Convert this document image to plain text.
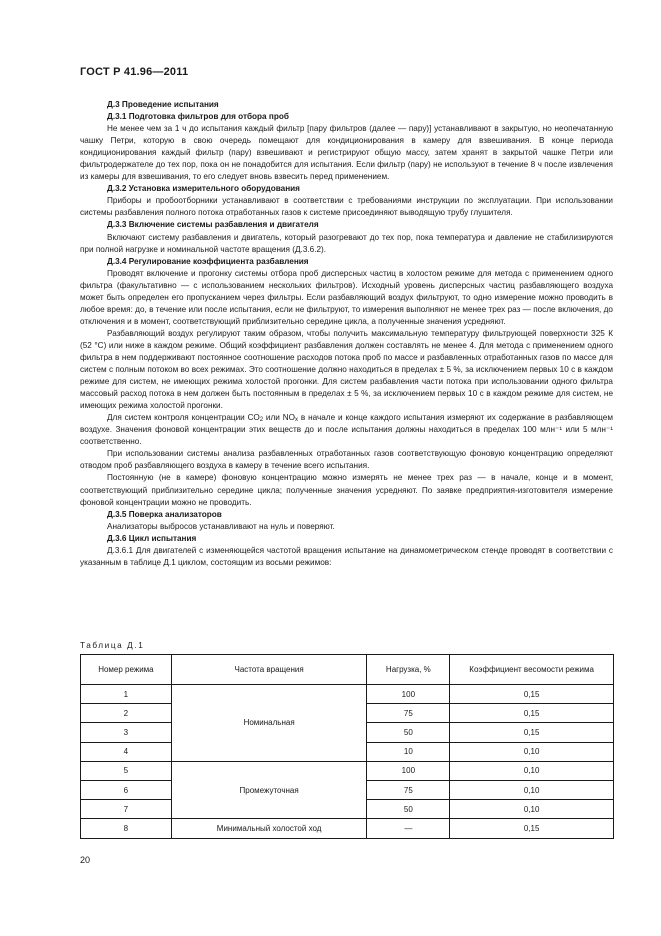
ГОСТ Р 41.96—2011

Д.3 Проведение испытания

Д.3.1 Подготовка фильтров для отбора проб

Не менее чем за 1 ч до испытания каждый фильтр [пару фильтров (далее — пару)] устанавливают в закрытую, но неопечатанную чашку Петри, которую в свою очередь помещают для кондиционирования в камеру для взвешивания. В конце периода кондиционирования каждый фильтр (пару) взвешивают и регистрируют общую массу, затем хранят в закрытой чашке Петри или фильтродержателе до тех пор, пока он не понадобится для испытания. Если фильтр (пару) не используют в течение 8 ч после извлечения из камеры для взвешивания, то его следует вновь взвесить перед применением.

Д.3.2 Установка измерительного оборудования

Приборы и пробоотборники устанавливают в соответствии с требованиями инструкции по эксплуатации. При использовании системы разбавления полного потока отработанных газов к системе присоединяют выводящую трубу глушителя.

Д.3.3 Включение системы разбавления и двигателя

Включают систему разбавления и двигатель, который разогревают до тех пор, пока температура и давление не стабилизируются при полной нагрузке и номинальной частоте вращения (Д.3.6.2).

Д.3.4 Регулирование коэффициента разбавления

Проводят включение и прогонку системы отбора проб дисперсных частиц в холостом режиме для метода с применением одного фильтра (факультативно — с использованием нескольких фильтров). Исходный уровень дисперсных частиц разбавляющего воздуха может быть определен его пропусканием через фильтры. Если разбавляющий воздух фильтруют, то одно измерение можно проводить в любое время: до, в течение или после испытания, если не фильтруют, то измерения выполняют не менее трех раз — после включения, до отключения и в момент, соответствующий приблизительно середине цикла, а полученные значения усредняют.

Разбавляющий воздух регулируют таким образом, чтобы получить максимальную температуру фильтрующей поверхности 325 К (52 °С) или ниже в каждом режиме. Общий коэффициент разбавления должен составлять не менее 4. Для метода с применением одного фильтра в нем поддерживают постоянное соотношение расходов потока проб по массе и разбавленных отработанных газов по массе для систем с полным потоком во всех режимах. Это соотношение должно находиться в пределах ± 5 %, за исключением первых 10 с в каждом режиме для систем, не имеющих режима холостой прогонки. Для систем разбавления части потока при использовании одного фильтра массовый расход потока в нем должен быть постоянным в пределах ± 5 %, за исключением первых 10 с в каждом режиме для систем, не имеющих режима холостой прогонки.

Для систем контроля концентрации $СО_2$ или $NO_x$ в начале и конце каждого испытания измеряют их содержание в разбавляющем воздухе. Значения фоновой концентрации этих веществ до и после испытания должны находиться в пределах 100 млн⁻¹ или 5 млн⁻¹ соответственно.

При использовании системы анализа разбавленных отработанных газов соответствующую фоновую концентрацию определяют отводом проб разбавляющего воздуха в камеру в течение всего испытания.

Постоянную (не в камере) фоновую концентрацию можно измерять не менее трех раз — в начале, конце и в момент, соответствующий приблизительно середине цикла; полученные значения усредняют. По заявке предприятия-изготовителя измерение фоновой концентрации можно не проводить.

Д.3.5 Поверка анализаторов

Анализаторы выбросов устанавливают на нуль и поверяют.

Д.3.6 Цикл испытания

Д.3.6.1 Для двигателей с изменяющейся частотой вращения испытание на динамометрическом стенде проводят в соответствии с указанным в таблице Д.1 циклом, состоящим из восьми режимов:

Таблица Д.1
Номер режима	Частота вращения	Нагрузка, %	Коэффициент весомости режима
1	Номинальная	100	0,15
2		75	0,15
3		50	0,15
4		10	0,10
5	Промежуточная	100	0,10
6		75	0,10
7		50	0,10
8	Минимальный холостой ход	—	0,15
20
